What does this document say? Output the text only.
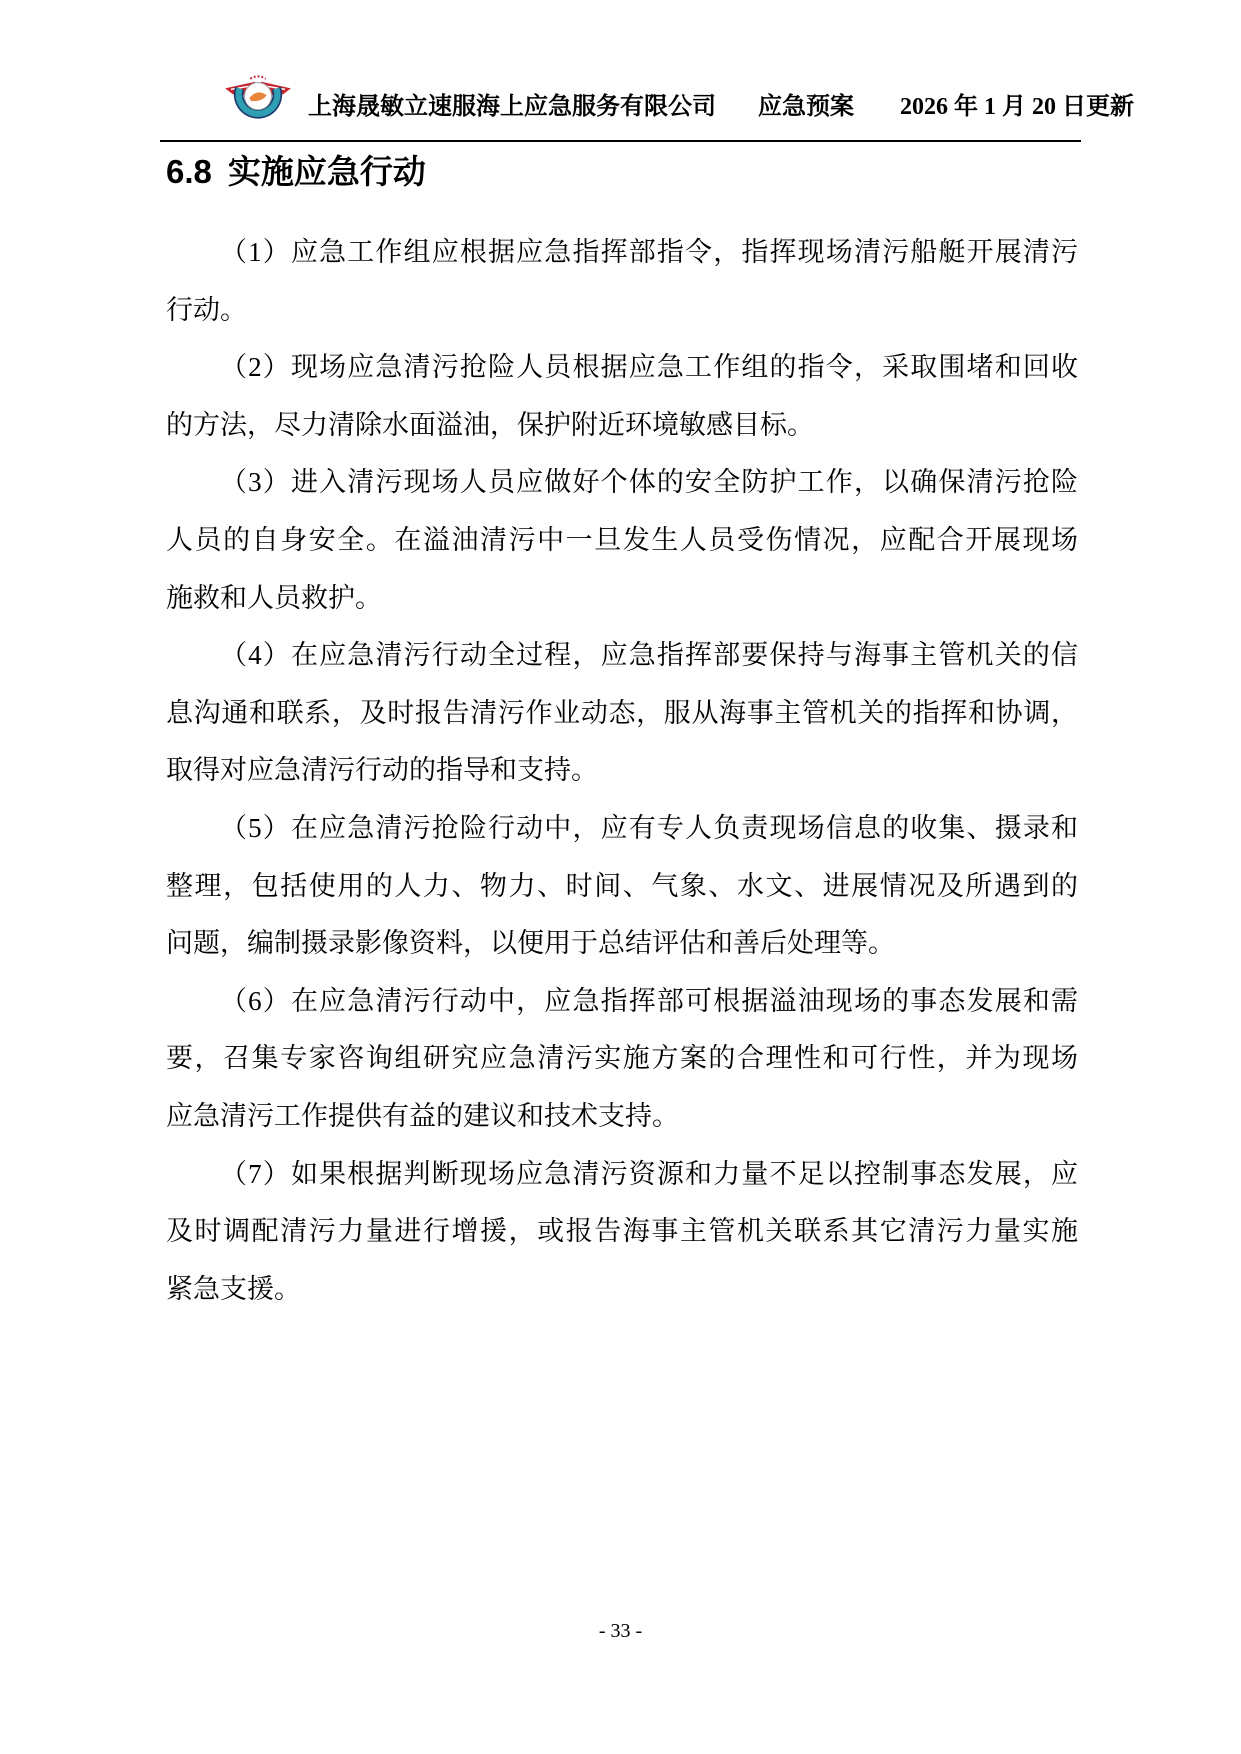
上海晟敏立速服海上应急服务有限公司 应急预案 2026 年 1 月 20 日更新
6.8 实施应急行动
（1）应急工作组应根据应急指挥部指令，指挥现场清污船艇开展清污
行动。
（2）现场应急清污抢险人员根据应急工作组的指令，采取围堵和回收
的方法，尽力清除水面溢油，保护附近环境敏感目标。
（3）进入清污现场人员应做好个体的安全防护工作，以确保清污抢险
人员的自身安全。在溢油清污中一旦发生人员受伤情况，应配合开展现场
施救和人员救护。
（4）在应急清污行动全过程，应急指挥部要保持与海事主管机关的信
息沟通和联系，及时报告清污作业动态，服从海事主管机关的指挥和协调，
取得对应急清污行动的指导和支持。
（5）在应急清污抢险行动中，应有专人负责现场信息的收集、摄录和
整理，包括使用的人力、物力、时间、气象、水文、进展情况及所遇到的
问题，编制摄录影像资料，以便用于总结评估和善后处理等。
（6）在应急清污行动中，应急指挥部可根据溢油现场的事态发展和需
要，召集专家咨询组研究应急清污实施方案的合理性和可行性，并为现场
应急清污工作提供有益的建议和技术支持。
（7）如果根据判断现场应急清污资源和力量不足以控制事态发展，应
及时调配清污力量进行增援，或报告海事主管机关联系其它清污力量实施
紧急支援。
- 33 -
